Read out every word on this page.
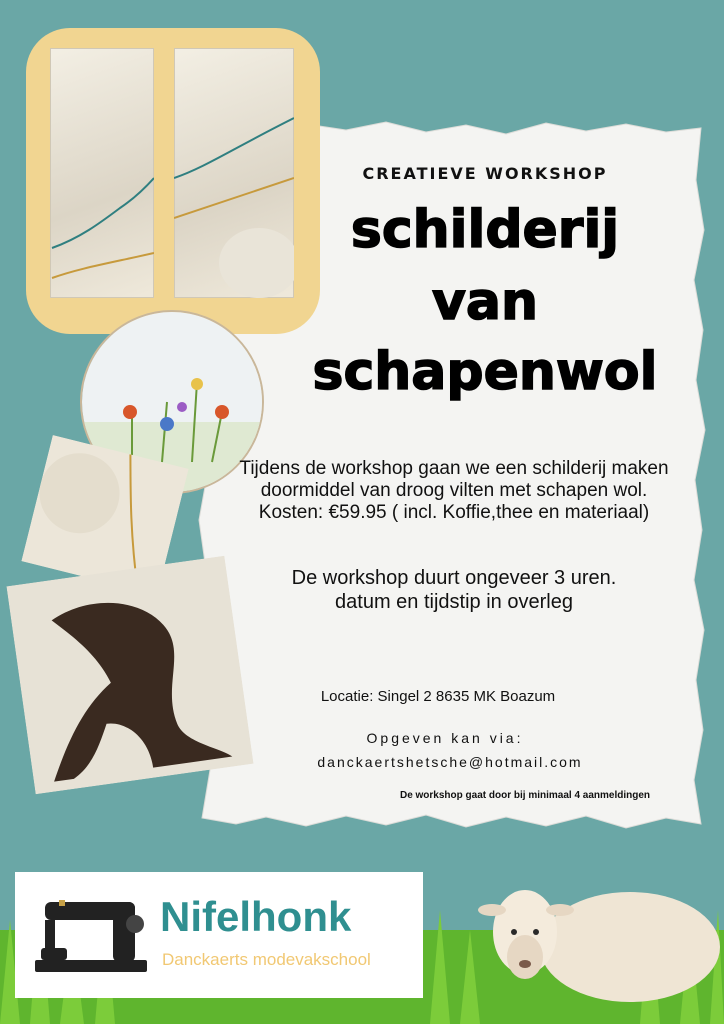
CREATIEVE WORKSHOP
schilderij
van
schapenwol
Tijdens de workshop gaan we een schilderij maken doormiddel van droog vilten met schapen wol.
Kosten: €59.95 ( incl. Koffie,thee en materiaal)
De workshop duurt ongeveer 3 uren.
datum en tijdstip in overleg
Locatie: Singel 2 8635 MK Boazum
Opgeven kan via:
danckaertshetsche@hotmail.com
De workshop gaat door bij minimaal 4 aanmeldingen
Nifelhonk
Danckaerts modevakschool
